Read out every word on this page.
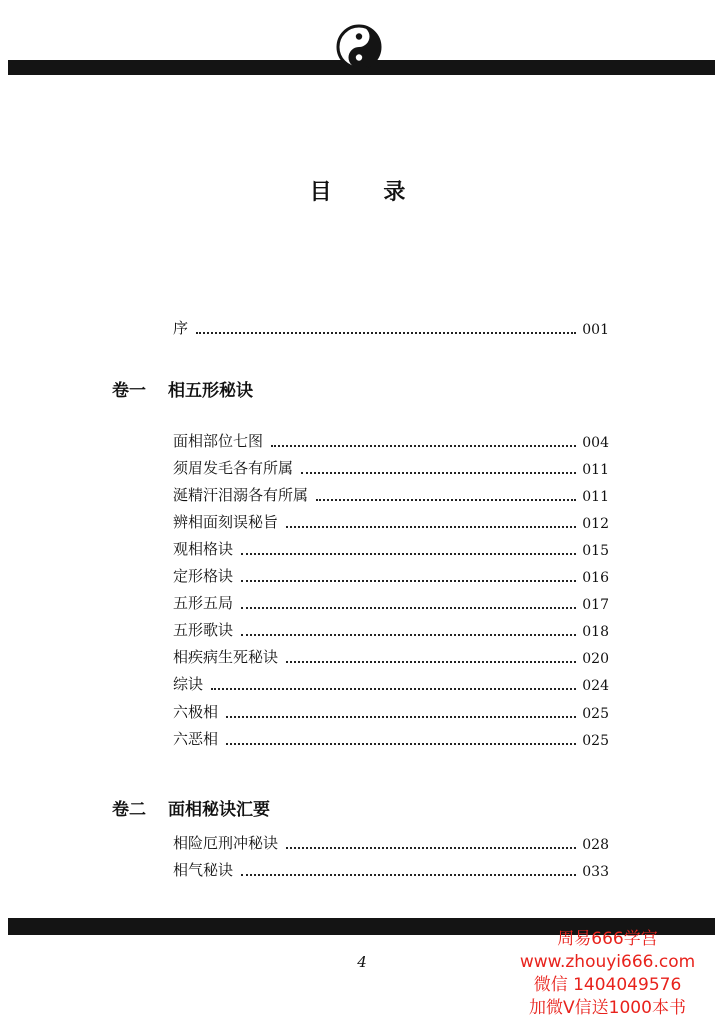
目 录
序	001
卷一 相五形秘诀
面相部位七图	004
须眉发毛各有所属	011
涎精汗泪溺各有所属	011
辨相面刻误秘旨	012
观相格诀	015
定形格诀	016
五形五局	017
五形歌诀	018
相疾病生死秘诀	020
综诀	024
六极相	025
六恶相	025
卷二 面相秘诀汇要
相险厄刑冲秘诀	028
相气秘诀	033
4
周易666学宫
www.zhouyi666.com
微信 1404049576
加微V信送1000本书
